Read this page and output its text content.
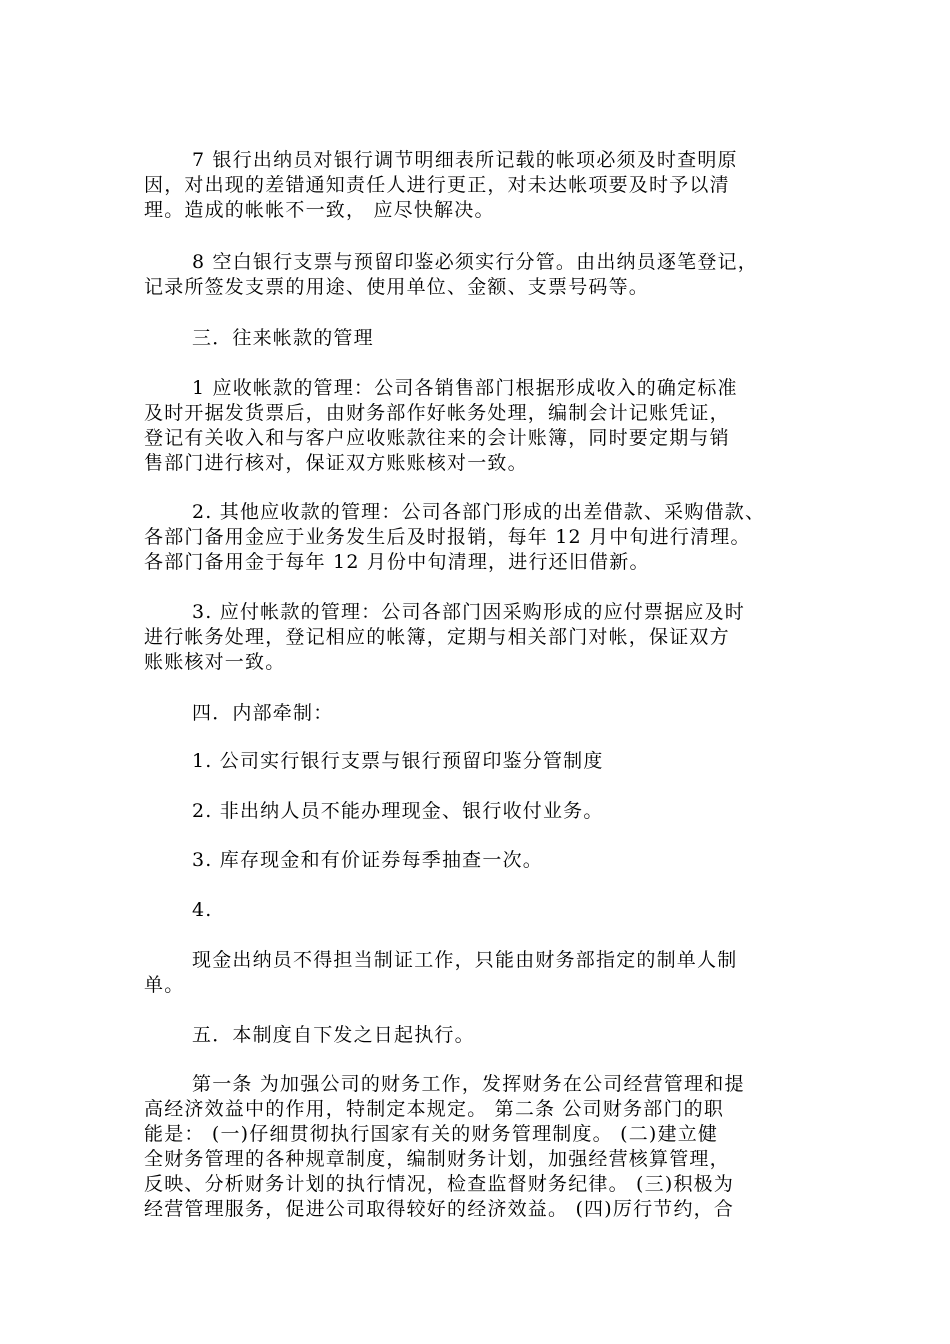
7 银行出纳员对银行调节明细表所记载的帐项必须及时查明原
因，对出现的差错通知责任人进行更正，对未达帐项要及时予以清
理。造成的帐帐不一致， 应尽快解决。

8 空白银行支票与预留印鉴必须实行分管。由出纳员逐笔登记，
记录所签发支票的用途、使用单位、金额、支票号码等。

三．往来帐款的管理

1 应收帐款的管理：公司各销售部门根据形成收入的确定标准
及时开据发货票后，由财务部作好帐务处理，编制会计记账凭证，
登记有关收入和与客户应收账款往来的会计账簿，同时要定期与销
售部门进行核对，保证双方账账核对一致。

2. 其他应收款的管理：公司各部门形成的出差借款、采购借款、
各部门备用金应于业务发生后及时报销，每年 12 月中旬进行清理。
各部门备用金于每年 12 月份中旬清理，进行还旧借新。

3. 应付帐款的管理：公司各部门因采购形成的应付票据应及时
进行帐务处理，登记相应的帐簿，定期与相关部门对帐，保证双方
账账核对一致。

四．内部牵制：

1. 公司实行银行支票与银行预留印鉴分管制度

2. 非出纳人员不能办理现金、银行收付业务。

3. 库存现金和有价证券每季抽查一次。

4.

现金出纳员不得担当制证工作，只能由财务部指定的制单人制
单。

五．本制度自下发之日起执行。

第一条 为加强公司的财务工作，发挥财务在公司经营管理和提
高经济效益中的作用，特制定本规定。 第二条 公司财务部门的职
能是： (一)仔细贯彻执行国家有关的财务管理制度。 (二)建立健
全财务管理的各种规章制度，编制财务计划，加强经营核算管理，
反映、分析财务计划的执行情况，检查监督财务纪律。 (三)积极为
经营管理服务，促进公司取得较好的经济效益。 (四)厉行节约，合
